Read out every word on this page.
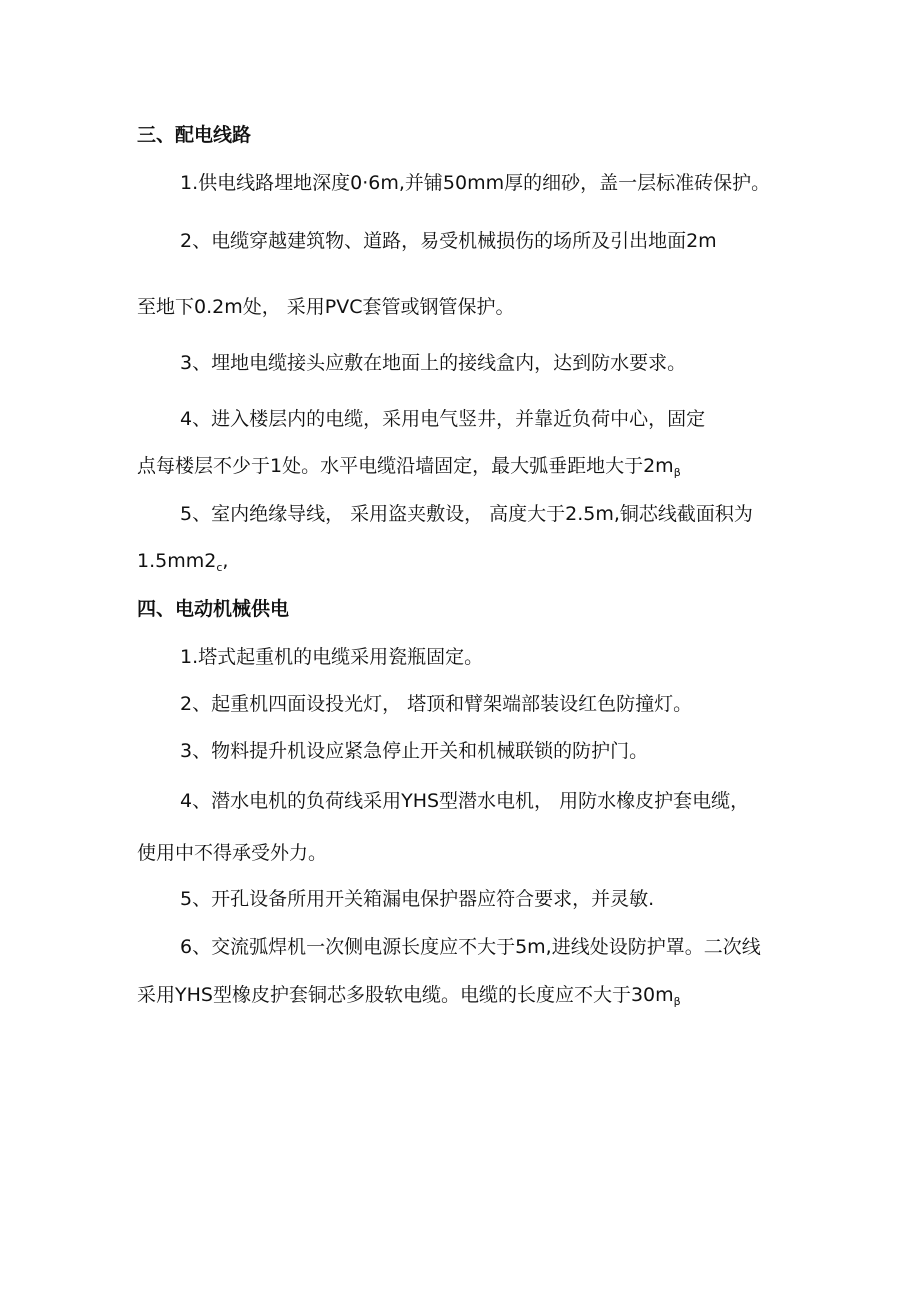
三、配电线路
1.供电线路埋地深度0·6m,并铺50mm厚的细砂，盖一层标准砖保护。
2、电缆穿越建筑物、道路，易受机械损伤的场所及引出地面2m
至地下0.2m处， 采用PVC套管或钢管保护。
3、埋地电缆接头应敷在地面上的接线盒内，达到防水要求。
4、进入楼层内的电缆，采用电气竖井，并靠近负荷中心，固定
点每楼层不少于1处。水平电缆沿墙固定，最大弧垂距地大于$2m_\beta$
5、室内绝缘导线， 采用盗夹敷设， 高度大于2.5m,铜芯线截面积为
$1.5mm2_c$,
四、电动机械供电
1.塔式起重机的电缆采用瓷瓶固定。
2、起重机四面设投光灯， 塔顶和臂架端部装设红色防撞灯。
3、物料提升机设应紧急停止开关和机械联锁的防护门。
4、潜水电机的负荷线采用YHS型潜水电机， 用防水橡皮护套电缆，
使用中不得承受外力。
5、开孔设备所用开关箱漏电保护器应符合要求，并灵敏.
6、交流弧焊机一次侧电源长度应不大于5m,进线处设防护罩。二次线
采用YHS型橡皮护套铜芯多股软电缆。电缆的长度应不大于$30m_\beta$
